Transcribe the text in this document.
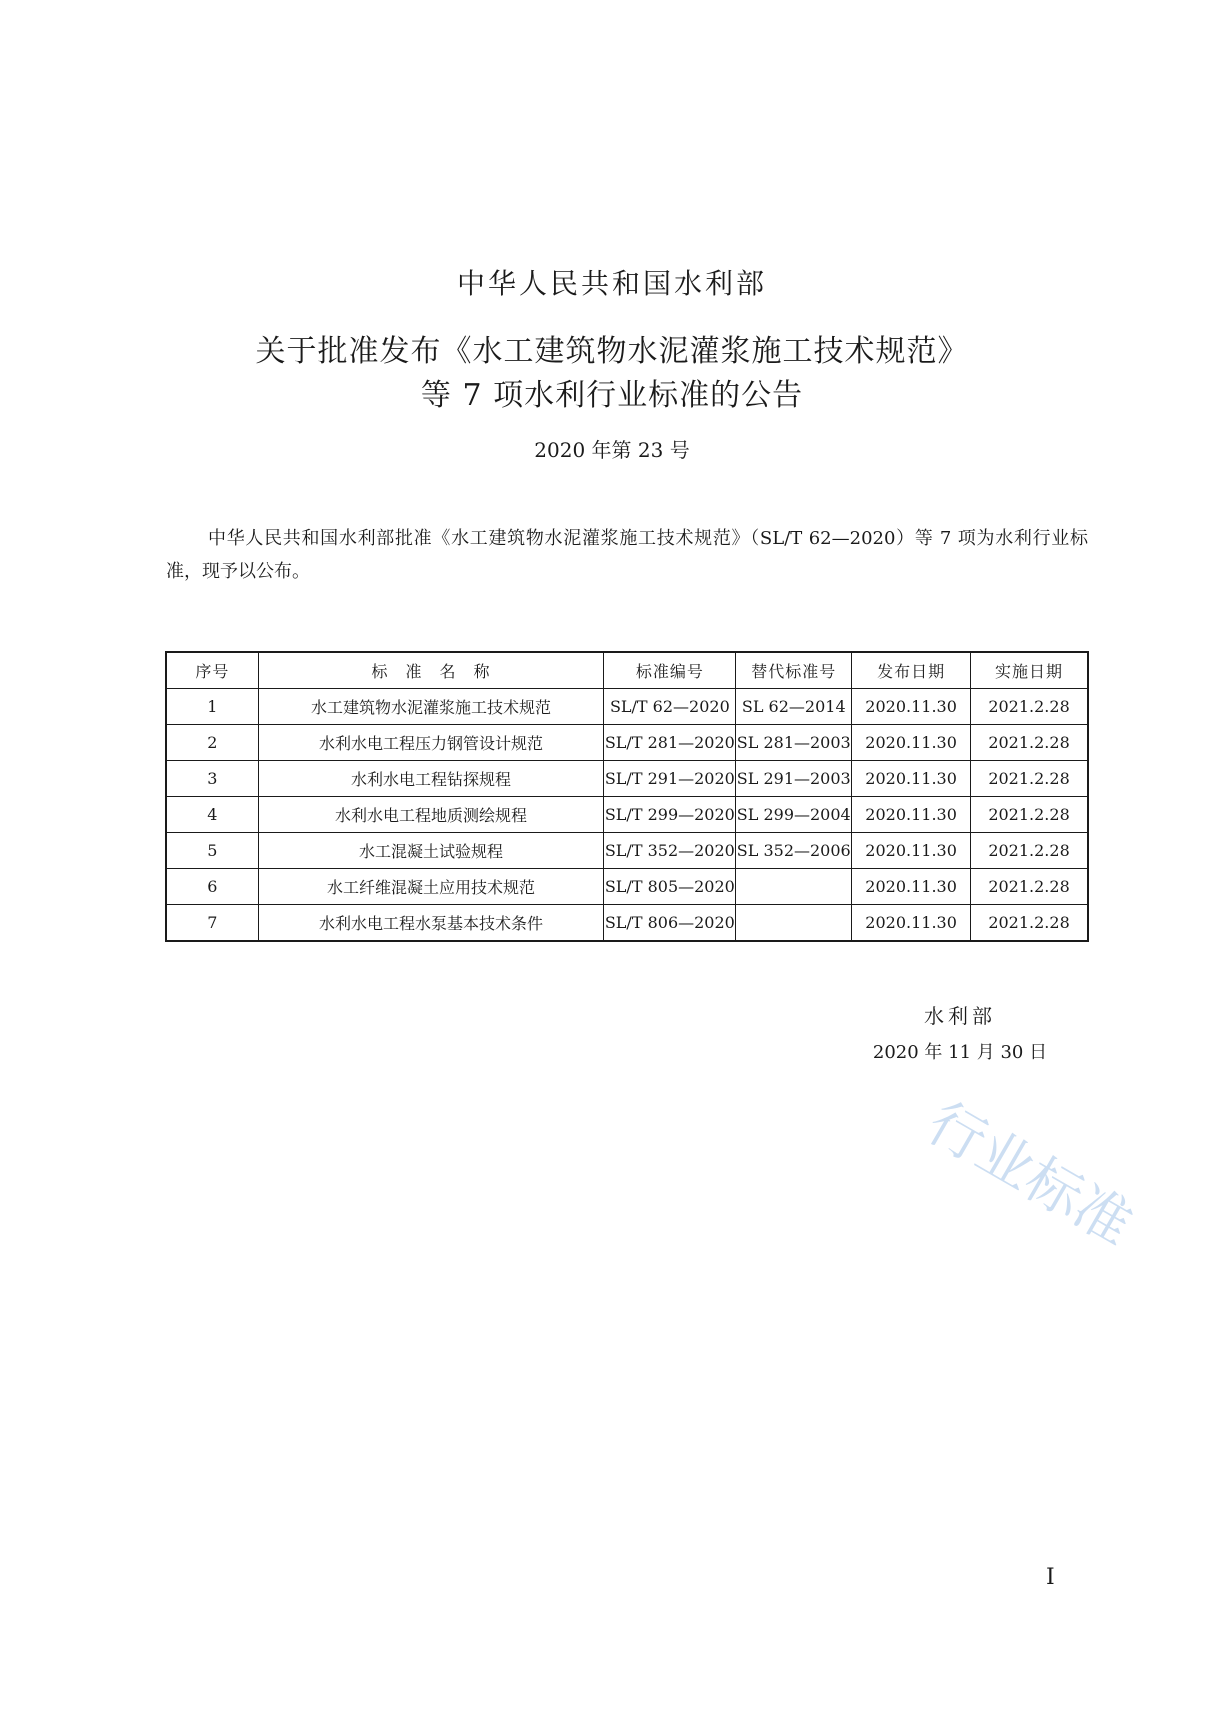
中华人民共和国水利部
关于批准发布《水工建筑物水泥灌浆施工技术规范》
等 7 项水利行业标准的公告
2020 年第 23 号

中华人民共和国水利部批准《水工建筑物水泥灌浆施工技术规范》（SL/T 62—2020）等 7 项为水利行业标准，现予以公布。

序号	标　准　名　称	标准编号	替代标准号	发布日期	实施日期
1	水工建筑物水泥灌浆施工技术规范	SL/T 62—2020	SL 62—2014	2020.11.30	2021.2.28
2	水利水电工程压力钢管设计规范	SL/T 281—2020	SL 281—2003	2020.11.30	2021.2.28
3	水利水电工程钻探规程	SL/T 291—2020	SL 291—2003	2020.11.30	2021.2.28
4	水利水电工程地质测绘规程	SL/T 299—2020	SL 299—2004	2020.11.30	2021.2.28
5	水工混凝土试验规程	SL/T 352—2020	SL 352—2006	2020.11.30	2021.2.28
6	水工纤维混凝土应用技术规范	SL/T 805—2020		2020.11.30	2021.2.28
7	水利水电工程水泵基本技术条件	SL/T 806—2020		2020.11.30	2021.2.28
水利部
2020 年 11 月 30 日
行业标准
I
